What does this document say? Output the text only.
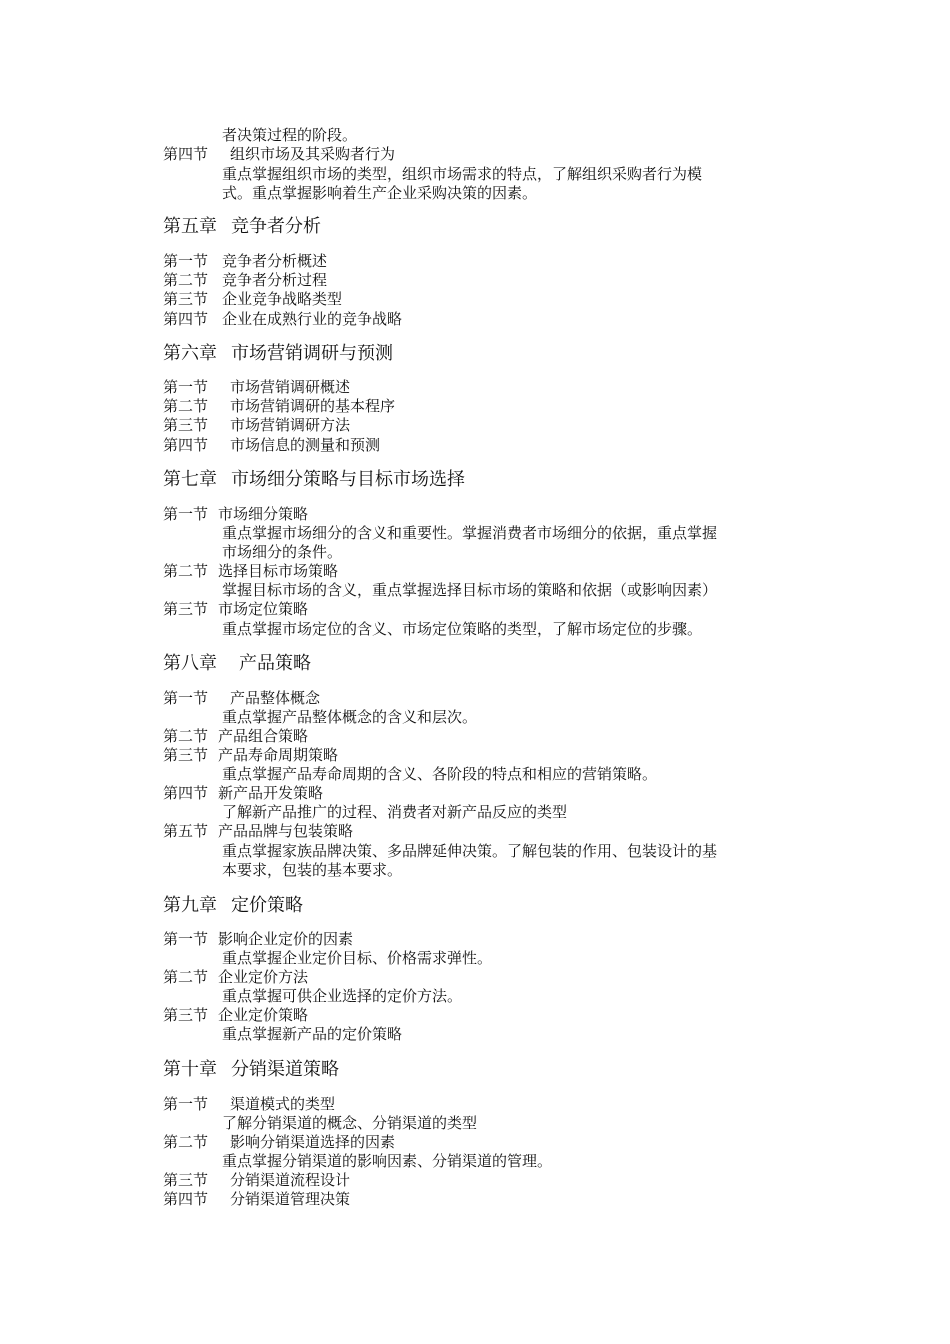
者决策过程的阶段。
第四节 组织市场及其采购者行为
重点掌握组织市场的类型，组织市场需求的特点，了解组织采购者行为模
式。重点掌握影响着生产企业采购决策的因素。
第五章 竞争者分析
第一节 竞争者分析概述
第二节 竞争者分析过程
第三节 企业竞争战略类型
第四节 企业在成熟行业的竞争战略
第六章 市场营销调研与预测
第一节 市场营销调研概述
第二节 市场营销调研的基本程序
第三节 市场营销调研方法
第四节 市场信息的测量和预测
第七章 市场细分策略与目标市场选择
第一节 市场细分策略
重点掌握市场细分的含义和重要性。掌握消费者市场细分的依据，重点掌握
市场细分的条件。
第二节 选择目标市场策略
掌握目标市场的含义，重点掌握选择目标市场的策略和依据（或影响因素）
第三节 市场定位策略
重点掌握市场定位的含义、市场定位策略的类型，了解市场定位的步骤。
第八章 产品策略
第一节 产品整体概念
重点掌握产品整体概念的含义和层次。
第二节 产品组合策略
第三节 产品寿命周期策略
重点掌握产品寿命周期的含义、各阶段的特点和相应的营销策略。
第四节 新产品开发策略
了解新产品推广的过程、消费者对新产品反应的类型
第五节 产品品牌与包装策略
重点掌握家族品牌决策、多品牌延伸决策。了解包装的作用、包装设计的基
本要求，包装的基本要求。
第九章 定价策略
第一节 影响企业定价的因素
重点掌握企业定价目标、价格需求弹性。
第二节 企业定价方法
重点掌握可供企业选择的定价方法。
第三节 企业定价策略
重点掌握新产品的定价策略
第十章 分销渠道策略
第一节 渠道模式的类型
了解分销渠道的概念、分销渠道的类型
第二节 影响分销渠道选择的因素
重点掌握分销渠道的影响因素、分销渠道的管理。
第三节 分销渠道流程设计
第四节 分销渠道管理决策
